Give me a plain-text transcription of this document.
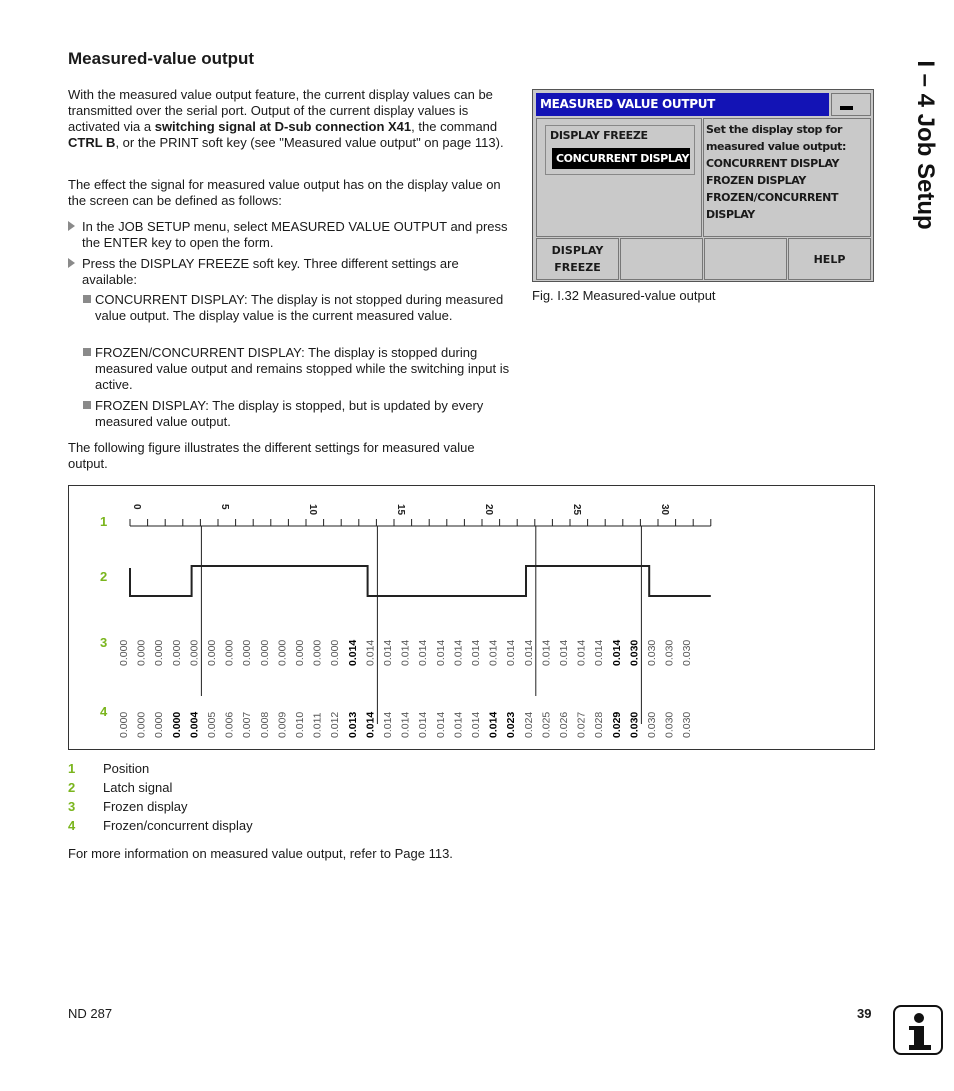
I – 4 Job Setup
Measured-value output
With the measured value output feature, the current display values can be transmitted over the serial port. Output of the current display values is activated via a switching signal at D-sub connection X41, the command CTRL B, or the PRINT soft key (see "Measured value output" on page 113).
The effect the signal for measured value output has on the display value on the screen can be defined as follows:
In the JOB SETUP menu, select MEASURED VALUE OUTPUT and press the ENTER key to open the form.
Press the DISPLAY FREEZE soft key. Three different settings are available:
CONCURRENT DISPLAY: The display is not stopped during measured value output. The display value is the current measured value.
FROZEN/CONCURRENT DISPLAY: The display is stopped during measured value output and remains stopped while the switching input is active.
FROZEN DISPLAY: The display is stopped, but is updated by every measured value output.
The following figure illustrates the different settings for measured value output.
MEASURED VALUE OUTPUT
DISPLAY FREEZE
CONCURRENT DISPLAY
Set the display stop for
measured value output:
CONCURRENT DISPLAY
FROZEN DISPLAY
FROZEN/CONCURRENT
DISPLAY
DISPLAY
FREEZE
HELP
Fig. I.32 Measured-value output
0	5	10	15	20	25	30
0.000 0.000 0.000 0.000 0.000 0.000 0.000 0.000 0.000 0.000 0.000 0.000 0.000 0.014 0.014 0.014 0.014 0.014 0.014 0.014 0.014 0.014 0.014 0.014 0.014 0.014 0.014 0.014 0.014 0.030 0.030 0.030 0.030
0.000 0.000 0.000 0.000 0.004 0.005 0.006 0.007 0.008 0.009 0.010 0.011 0.012 0.013 0.014 0.014 0.014 0.014 0.014 0.014 0.014 0.014 0.023 0.024 0.025 0.026 0.027 0.028 0.029 0.030 0.030 0.030 0.030
1
2
3
4
1 Position
2 Latch signal
3 Frozen display
4 Frozen/concurrent display
For more information on measured value output, refer to Page 113.
ND 287	39
